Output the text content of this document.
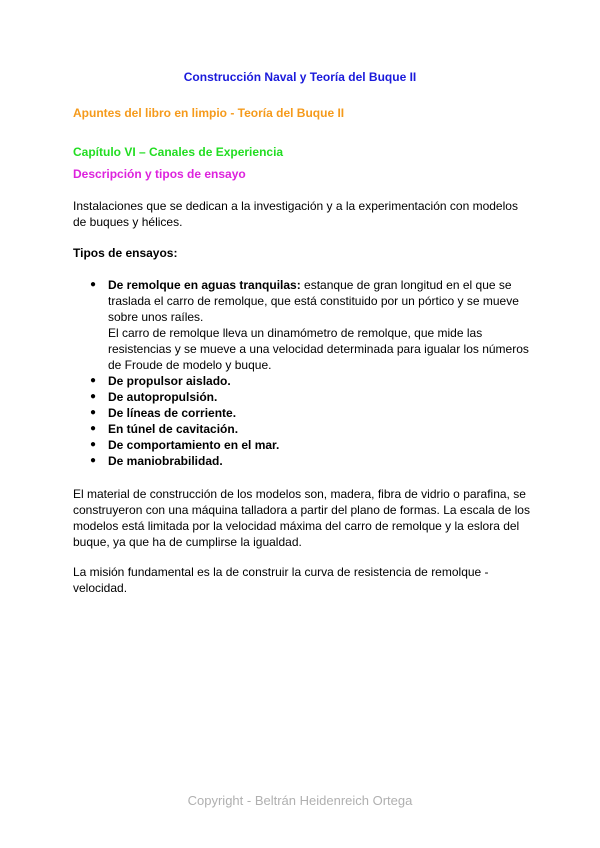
Construcción Naval y Teoría del Buque II
Apuntes del libro en limpio - Teoría del Buque II
Capítulo VI – Canales de Experiencia
Descripción y tipos de ensayo

Instalaciones que se dedican a la investigación y a la experimentación con modelos de buques y hélices.

Tipos de ensayos:
● De remolque en aguas tranquilas: estanque de gran longitud en el que se traslada el carro de remolque, que está constituido por un pórtico y se mueve sobre unos raíles.
El carro de remolque lleva un dinamómetro de remolque, que mide las resistencias y se mueve a una velocidad determinada para igualar los números de Froude de modelo y buque.
● De propulsor aislado.
● De autopropulsión.
● De líneas de corriente.
● En túnel de cavitación.
● De comportamiento en el mar.
● De maniobrabilidad.

El material de construcción de los modelos son, madera, fibra de vidrio o parafina, se construyeron con una máquina talladora a partir del plano de formas. La escala de los modelos está limitada por la velocidad máxima del carro de remolque y la eslora del buque, ya que ha de cumplirse la igualdad.

La misión fundamental es la de construir la curva de resistencia de remolque - velocidad.

Copyright - Beltrán Heidenreich Ortega
